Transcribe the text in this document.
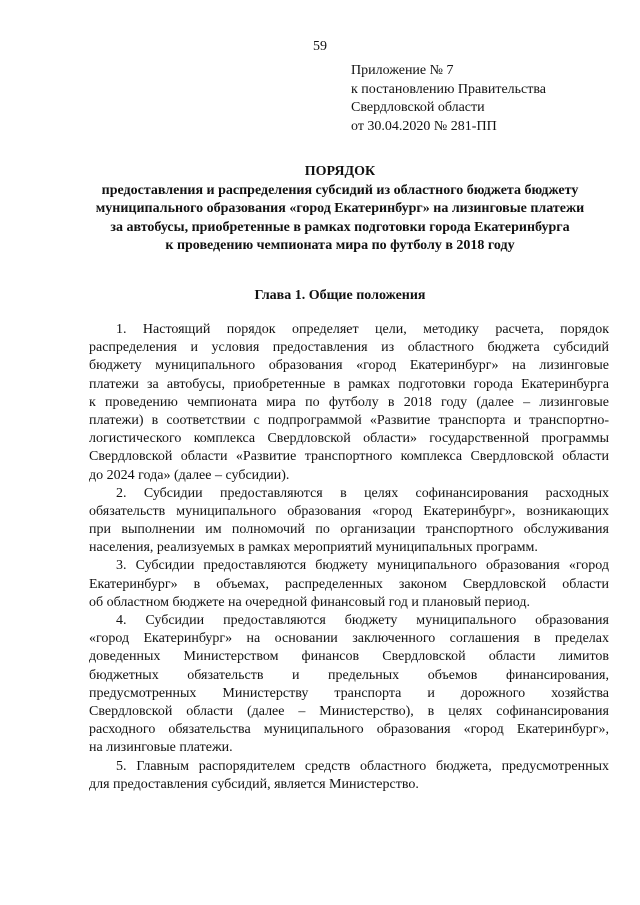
59
Приложение № 7
к постановлению Правительства
Свердловской области
от 30.04.2020 № 281-ПП
ПОРЯДОК
предоставления и распределения субсидий из областного бюджета бюджету
муниципального образования «город Екатеринбург» на лизинговые платежи
за автобусы, приобретенные в рамках подготовки города Екатеринбурга
к проведению чемпионата мира по футболу в 2018 году
Глава 1. Общие положения
1. Настоящий порядок определяет цели, методику расчета, порядок
распределения и условия предоставления из областного бюджета субсидий
бюджету муниципального образования «город Екатеринбург» на лизинговые
платежи за автобусы, приобретенные в рамках подготовки города Екатеринбурга
к проведению чемпионата мира по футболу в 2018 году (далее – лизинговые
платежи) в соответствии с подпрограммой «Развитие транспорта и транспортно-
логистического комплекса Свердловской области» государственной программы
Свердловской области «Развитие транспортного комплекса Свердловской области
до 2024 года» (далее – субсидии).
2. Субсидии предоставляются в целях софинансирования расходных
обязательств муниципального образования «город Екатеринбург», возникающих
при выполнении им полномочий по организации транспортного обслуживания
населения, реализуемых в рамках мероприятий муниципальных программ.
3. Субсидии предоставляются бюджету муниципального образования «город
Екатеринбург» в объемах, распределенных законом Свердловской области
об областном бюджете на очередной финансовый год и плановый период.
4. Субсидии предоставляются бюджету муниципального образования
«город Екатеринбург» на основании заключенного соглашения в пределах
доведенных Министерством финансов Свердловской области лимитов
бюджетных обязательств и предельных объемов финансирования,
предусмотренных Министерству транспорта и дорожного хозяйства
Свердловской области (далее – Министерство), в целях софинансирования
расходного обязательства муниципального образования «город Екатеринбург»,
на лизинговые платежи.
5. Главным распорядителем средств областного бюджета, предусмотренных
для предоставления субсидий, является Министерство.
